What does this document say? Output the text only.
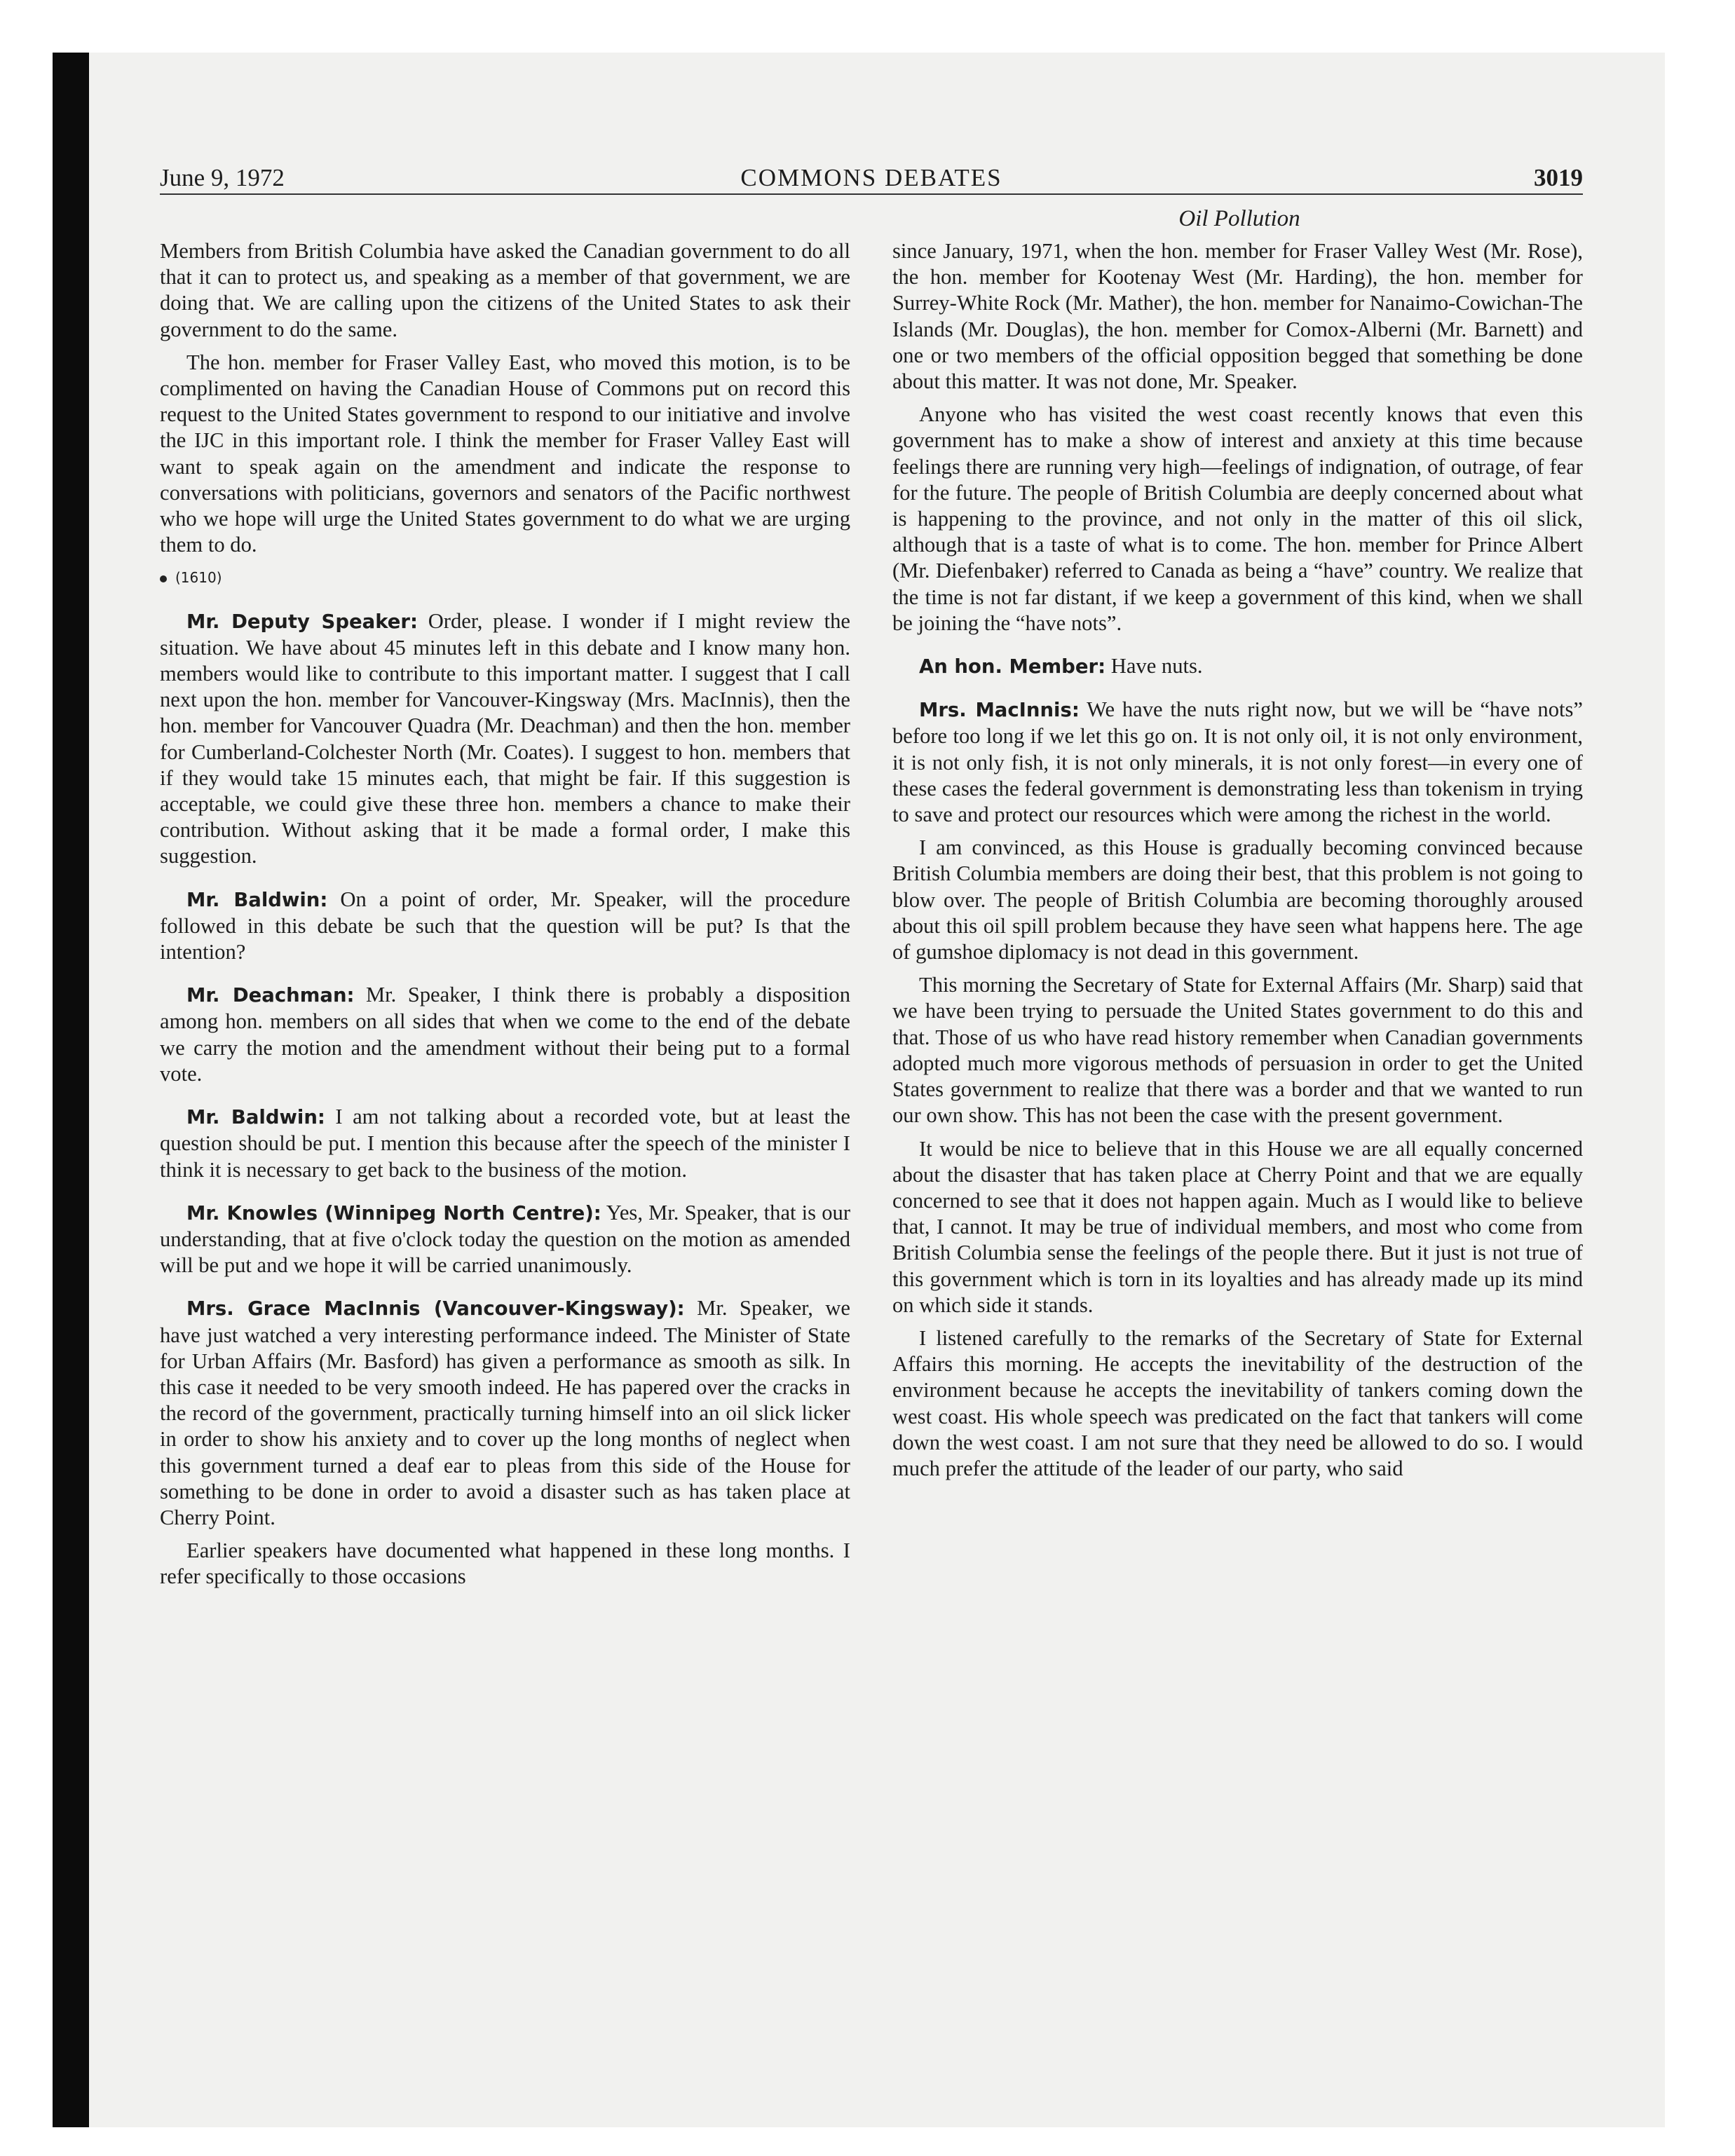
June 9, 1972	COMMONS DEBATES	3019
Oil Pollution

Members from British Columbia have asked the Canadian government to do all that it can to protect us, and speaking as a member of that government, we are doing that. We are calling upon the citizens of the United States to ask their government to do the same.

The hon. member for Fraser Valley East, who moved this motion, is to be complimented on having the Canadian House of Commons put on record this request to the United States government to respond to our initiative and involve the IJC in this important role. I think the member for Fraser Valley East will want to speak again on the amendment and indicate the response to conversations with politicians, governors and senators of the Pacific northwest who we hope will urge the United States government to do what we are urging them to do.

(1610)

Mr. Deputy Speaker: Order, please. I wonder if I might review the situation. We have about 45 minutes left in this debate and I know many hon. members would like to contribute to this important matter. I suggest that I call next upon the hon. member for Vancouver-Kingsway (Mrs. MacInnis), then the hon. member for Vancouver Quadra (Mr. Deachman) and then the hon. member for Cumberland-Colchester North (Mr. Coates). I suggest to hon. members that if they would take 15 minutes each, that might be fair. If this suggestion is acceptable, we could give these three hon. members a chance to make their contribution. Without asking that it be made a formal order, I make this suggestion.

Mr. Baldwin: On a point of order, Mr. Speaker, will the procedure followed in this debate be such that the question will be put? Is that the intention?

Mr. Deachman: Mr. Speaker, I think there is probably a disposition among hon. members on all sides that when we come to the end of the debate we carry the motion and the amendment without their being put to a formal vote.

Mr. Baldwin: I am not talking about a recorded vote, but at least the question should be put. I mention this because after the speech of the minister I think it is necessary to get back to the business of the motion.

Mr. Knowles (Winnipeg North Centre): Yes, Mr. Speaker, that is our understanding, that at five o'clock today the question on the motion as amended will be put and we hope it will be carried unanimously.

Mrs. Grace MacInnis (Vancouver-Kingsway): Mr. Speaker, we have just watched a very interesting performance indeed. The Minister of State for Urban Affairs (Mr. Basford) has given a performance as smooth as silk. In this case it needed to be very smooth indeed. He has papered over the cracks in the record of the government, practically turning himself into an oil slick licker in order to show his anxiety and to cover up the long months of neglect when this government turned a deaf ear to pleas from this side of the House for something to be done in order to avoid a disaster such as has taken place at Cherry Point.

Earlier speakers have documented what happened in these long months. I refer specifically to those occasions

since January, 1971, when the hon. member for Fraser Valley West (Mr. Rose), the hon. member for Kootenay West (Mr. Harding), the hon. member for Surrey-White Rock (Mr. Mather), the hon. member for Nanaimo-Cowichan-The Islands (Mr. Douglas), the hon. member for Comox-Alberni (Mr. Barnett) and one or two members of the official opposition begged that something be done about this matter. It was not done, Mr. Speaker.

Anyone who has visited the west coast recently knows that even this government has to make a show of interest and anxiety at this time because feelings there are running very high—feelings of indignation, of outrage, of fear for the future. The people of British Columbia are deeply concerned about what is happening to the province, and not only in the matter of this oil slick, although that is a taste of what is to come. The hon. member for Prince Albert (Mr. Diefenbaker) referred to Canada as being a “have” country. We realize that the time is not far distant, if we keep a government of this kind, when we shall be joining the “have nots”.

An hon. Member: Have nuts.

Mrs. MacInnis: We have the nuts right now, but we will be “have nots” before too long if we let this go on. It is not only oil, it is not only environment, it is not only fish, it is not only minerals, it is not only forest—in every one of these cases the federal government is demonstrating less than tokenism in trying to save and protect our resources which were among the richest in the world.

I am convinced, as this House is gradually becoming convinced because British Columbia members are doing their best, that this problem is not going to blow over. The people of British Columbia are becoming thoroughly aroused about this oil spill problem because they have seen what happens here. The age of gumshoe diplomacy is not dead in this government.

This morning the Secretary of State for External Affairs (Mr. Sharp) said that we have been trying to persuade the United States government to do this and that. Those of us who have read history remember when Canadian governments adopted much more vigorous methods of persuasion in order to get the United States government to realize that there was a border and that we wanted to run our own show. This has not been the case with the present government.

It would be nice to believe that in this House we are all equally concerned about the disaster that has taken place at Cherry Point and that we are equally concerned to see that it does not happen again. Much as I would like to believe that, I cannot. It may be true of individual members, and most who come from British Columbia sense the feelings of the people there. But it just is not true of this government which is torn in its loyalties and has already made up its mind on which side it stands.

I listened carefully to the remarks of the Secretary of State for External Affairs this morning. He accepts the inevitability of the destruction of the environment because he accepts the inevitability of tankers coming down the west coast. His whole speech was predicated on the fact that tankers will come down the west coast. I am not sure that they need be allowed to do so. I would much prefer the attitude of the leader of our party, who said
